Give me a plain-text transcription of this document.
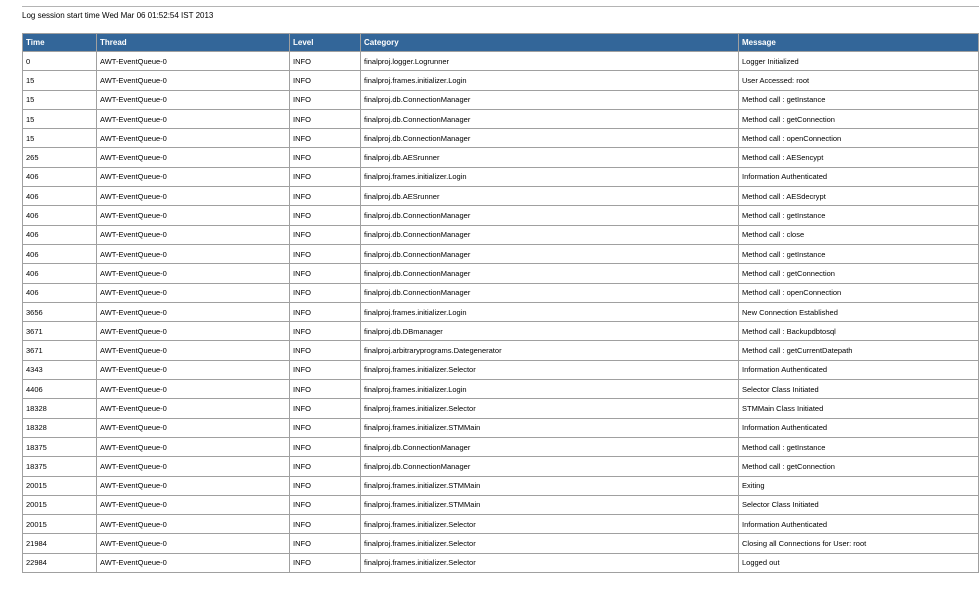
Log session start time Wed Mar 06 01:52:54 IST 2013
Time	Thread	Level	Category	Message
0	AWT-EventQueue-0	INFO	finalproj.logger.Logrunner	Logger Initialized
15	AWT-EventQueue-0	INFO	finalproj.frames.initializer.Login	User Accessed: root
15	AWT-EventQueue-0	INFO	finalproj.db.ConnectionManager	Method call : getInstance
15	AWT-EventQueue-0	INFO	finalproj.db.ConnectionManager	Method call : getConnection
15	AWT-EventQueue-0	INFO	finalproj.db.ConnectionManager	Method call : openConnection
265	AWT-EventQueue-0	INFO	finalproj.db.AESrunner	Method call : AESencypt
406	AWT-EventQueue-0	INFO	finalproj.frames.initializer.Login	Information Authenticated
406	AWT-EventQueue-0	INFO	finalproj.db.AESrunner	Method call : AESdecrypt
406	AWT-EventQueue-0	INFO	finalproj.db.ConnectionManager	Method call : getInstance
406	AWT-EventQueue-0	INFO	finalproj.db.ConnectionManager	Method call : close
406	AWT-EventQueue-0	INFO	finalproj.db.ConnectionManager	Method call : getInstance
406	AWT-EventQueue-0	INFO	finalproj.db.ConnectionManager	Method call : getConnection
406	AWT-EventQueue-0	INFO	finalproj.db.ConnectionManager	Method call : openConnection
3656	AWT-EventQueue-0	INFO	finalproj.frames.initializer.Login	New Connection Established
3671	AWT-EventQueue-0	INFO	finalproj.db.DBmanager	Method call : Backupdbtosql
3671	AWT-EventQueue-0	INFO	finalproj.arbitraryprograms.Dategenerator	Method call : getCurrentDatepath
4343	AWT-EventQueue-0	INFO	finalproj.frames.initializer.Selector	Information Authenticated
4406	AWT-EventQueue-0	INFO	finalproj.frames.initializer.Login	Selector Class Initiated
18328	AWT-EventQueue-0	INFO	finalproj.frames.initializer.Selector	STMMain Class Initiated
18328	AWT-EventQueue-0	INFO	finalproj.frames.initializer.STMMain	Information Authenticated
18375	AWT-EventQueue-0	INFO	finalproj.db.ConnectionManager	Method call : getInstance
18375	AWT-EventQueue-0	INFO	finalproj.db.ConnectionManager	Method call : getConnection
20015	AWT-EventQueue-0	INFO	finalproj.frames.initializer.STMMain	Exiting
20015	AWT-EventQueue-0	INFO	finalproj.frames.initializer.STMMain	Selector Class Initiated
20015	AWT-EventQueue-0	INFO	finalproj.frames.initializer.Selector	Information Authenticated
21984	AWT-EventQueue-0	INFO	finalproj.frames.initializer.Selector	Closing all Connections for User: root
22984	AWT-EventQueue-0	INFO	finalproj.frames.initializer.Selector	Logged out
